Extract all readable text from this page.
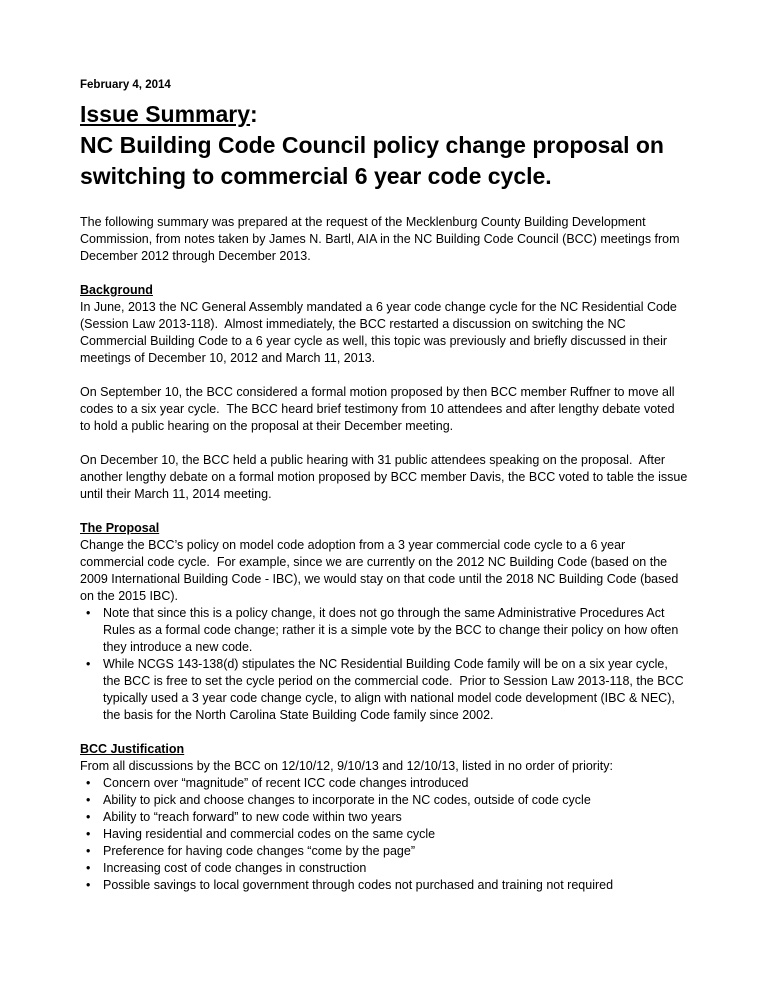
February 4, 2014

Issue Summary:
NC Building Code Council policy change proposal on switching to commercial 6 year code cycle.

The following summary was prepared at the request of the Mecklenburg County Building Development Commission, from notes taken by James N. Bartl, AIA in the NC Building Code Council (BCC) meetings from December 2012 through December 2013.

Background

In June, 2013 the NC General Assembly mandated a 6 year code change cycle for the NC Residential Code (Session Law 2013-118).  Almost immediately, the BCC restarted a discussion on switching the NC Commercial Building Code to a 6 year cycle as well, this topic was previously and briefly discussed in their meetings of December 10, 2012 and March 11, 2013.

On September 10, the BCC considered a formal motion proposed by then BCC member Ruffner to move all codes to a six year cycle.  The BCC heard brief testimony from 10 attendees and after lengthy debate voted to hold a public hearing on the proposal at their December meeting.

On December 10, the BCC held a public hearing with 31 public attendees speaking on the proposal.  After another lengthy debate on a formal motion proposed by BCC member Davis, the BCC voted to table the issue until their March 11, 2014 meeting.

The Proposal

Change the BCC’s policy on model code adoption from a 3 year commercial code cycle to a 6 year commercial code cycle.  For example, since we are currently on the 2012 NC Building Code (based on the 2009 International Building Code - IBC), we would stay on that code until the 2018 NC Building Code (based on the 2015 IBC).

•	Note that since this is a policy change, it does not go through the same Administrative Procedures Act Rules as a formal code change; rather it is a simple vote by the BCC to change their policy on how often they introduce a new code.
•	While NCGS 143-138(d) stipulates the NC Residential Building Code family will be on a six year cycle, the BCC is free to set the cycle period on the commercial code.  Prior to Session Law 2013-118, the BCC typically used a 3 year code change cycle, to align with national model code development (IBC & NEC), the basis for the North Carolina State Building Code family since 2002.
BCC Justification

From all discussions by the BCC on 12/10/12, 9/10/13 and 12/10/13, listed in no order of priority:

•	Concern over “magnitude” of recent ICC code changes introduced
•	Ability to pick and choose changes to incorporate in the NC codes, outside of code cycle
•	Ability to “reach forward” to new code within two years
•	Having residential and commercial codes on the same cycle
•	Preference for having code changes “come by the page”
•	Increasing cost of code changes in construction
•	Possible savings to local government through codes not purchased and training not required
